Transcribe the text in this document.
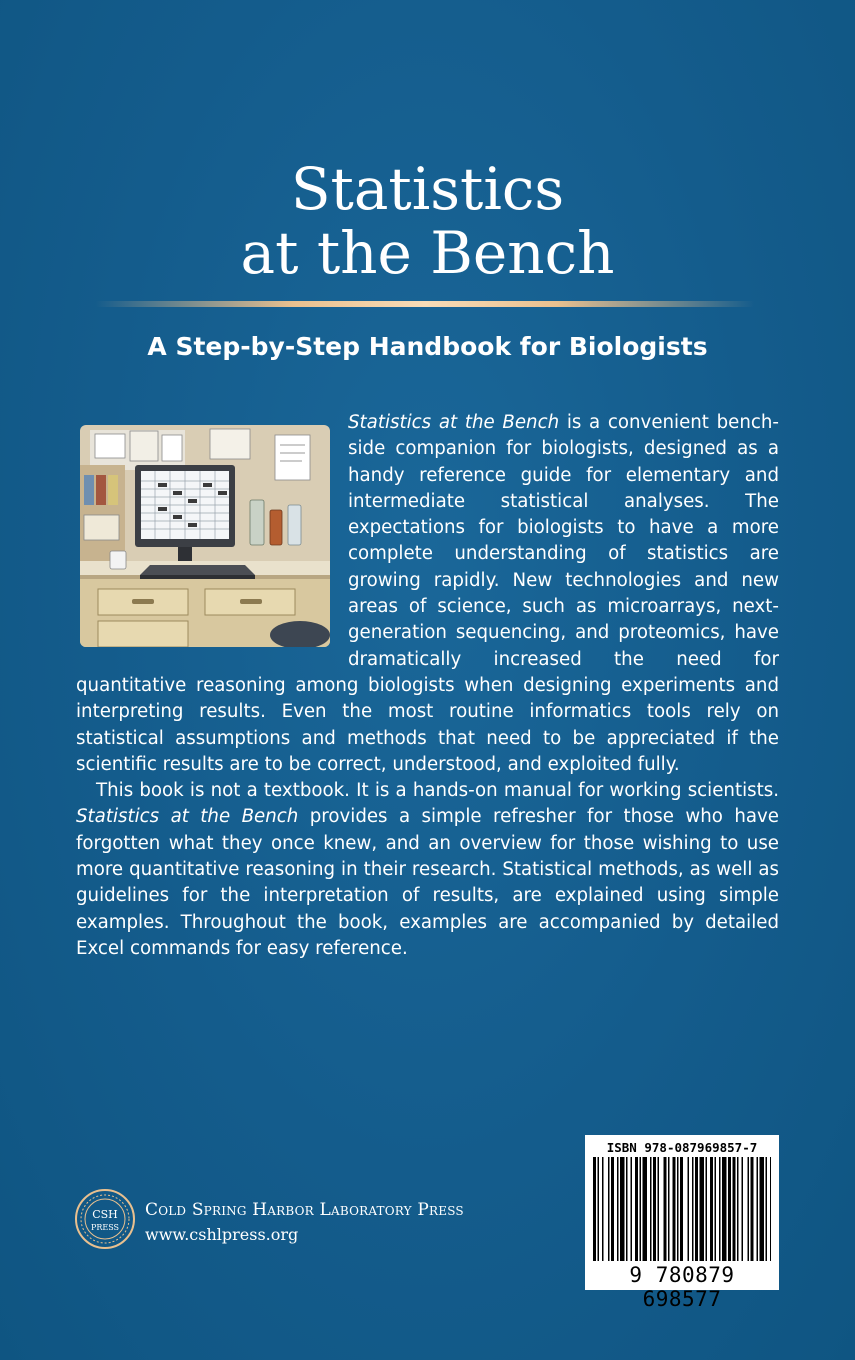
Statistics
at the Bench
A Step-by-Step Handbook for Biologists

Statistics at the Bench is a convenient bench-side companion for biologists, designed as a handy reference guide for elementary and intermediate statistical analyses. The expectations for biologists to have a more complete understanding of statistics are growing rapidly. New technologies and new areas of science, such as microarrays, next-generation sequencing, and proteomics, have dramatically increased the need for quantitative reasoning among biologists when designing experiments and interpreting results. Even the most routine informatics tools rely on statistical assumptions and methods that need to be appreciated if the scientific results are to be correct, understood, and exploited fully.

This book is not a textbook. It is a hands-on manual for working scientists. Statistics at the Bench provides a simple refresher for those who have forgotten what they once knew, and an overview for those wishing to use more quantitative reasoning in their research. Statistical methods, as well as guidelines for the interpretation of results, are explained using simple examples. Throughout the book, examples are accompanied by detailed Excel commands for easy reference.

CSH
PRESS
Cold Spring Harbor Laboratory Press
www.cshlpress.org
ISBN 978-087969857-7
9 780879 698577
